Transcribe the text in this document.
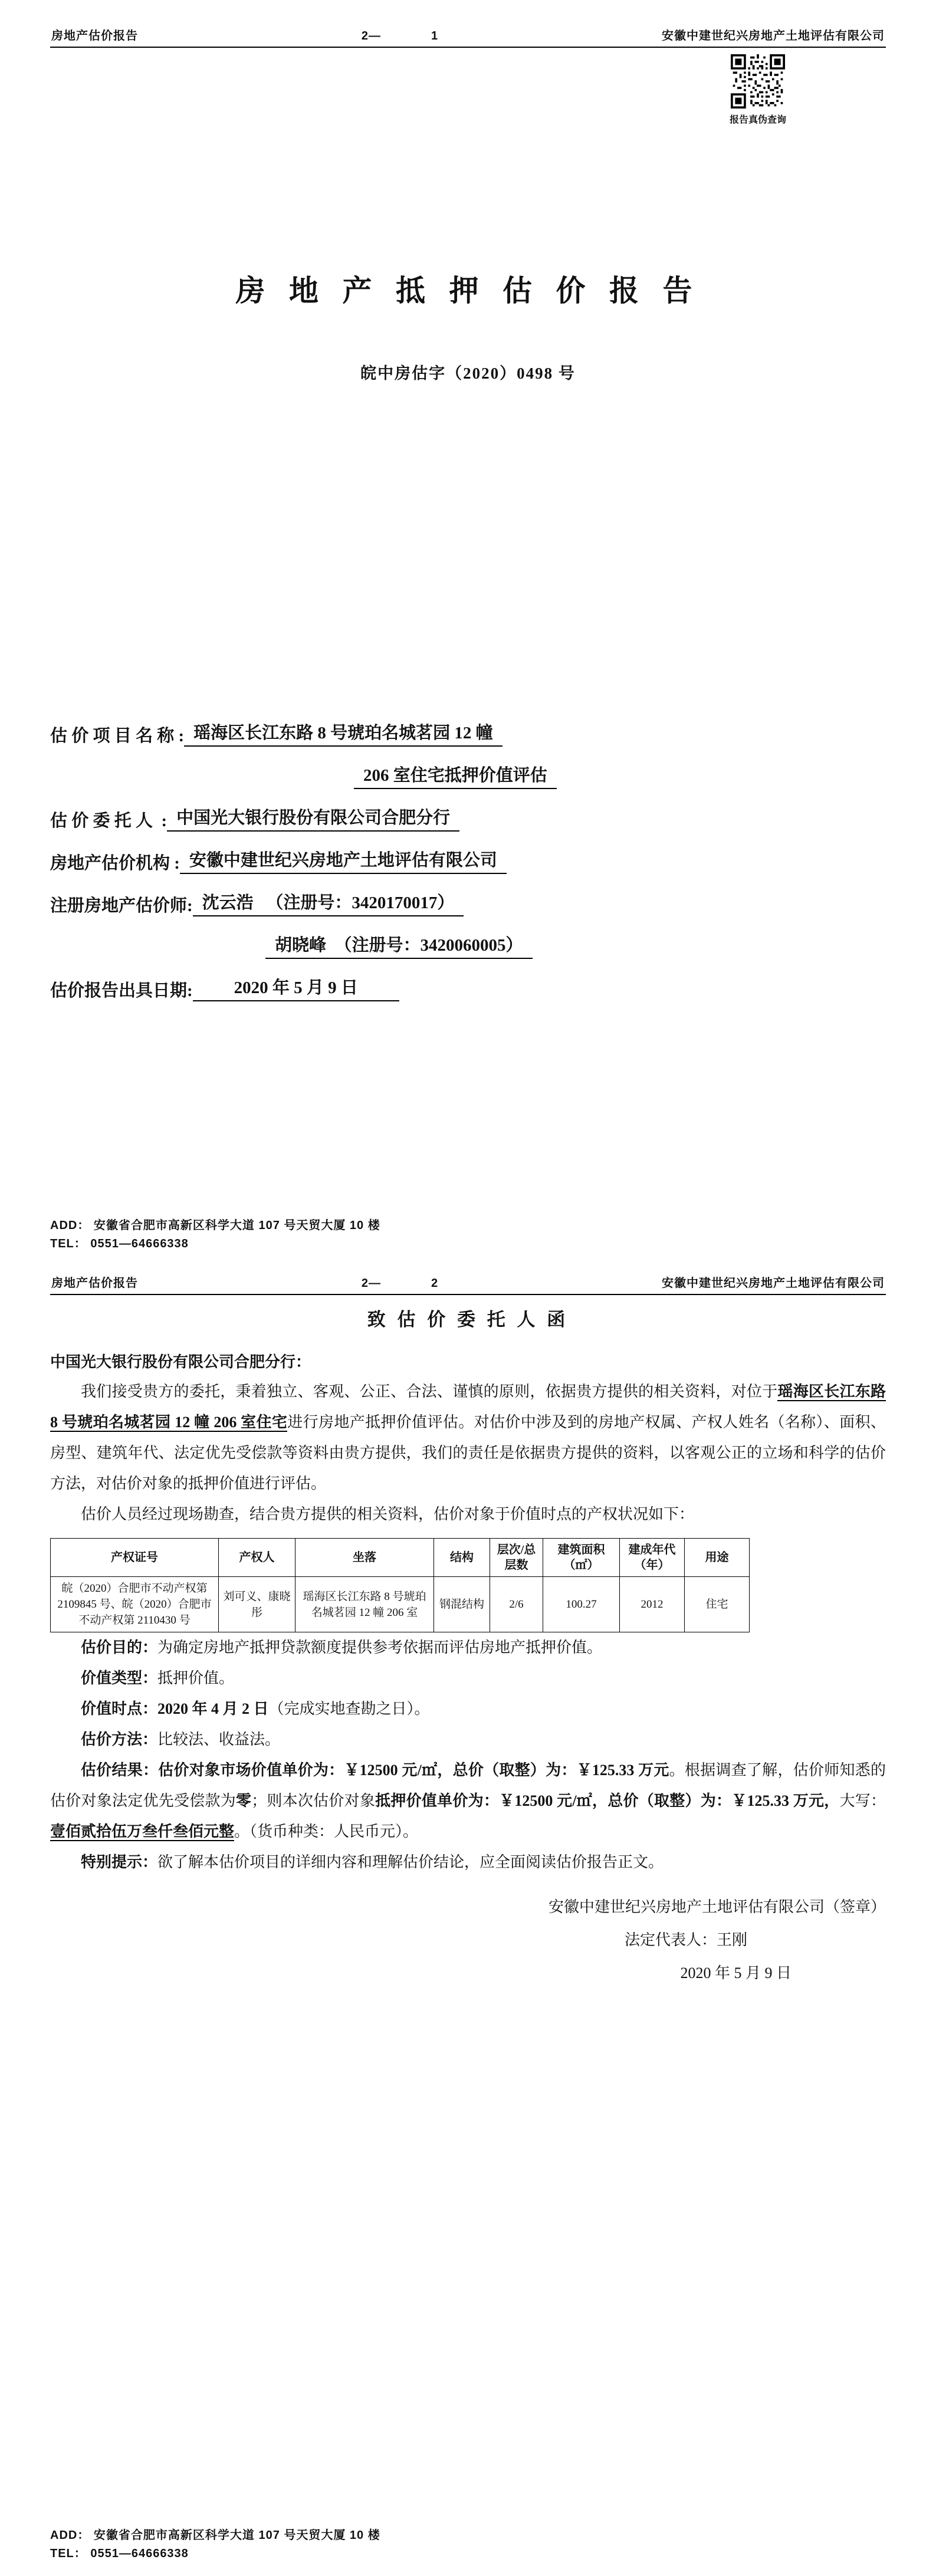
房地产估价报告	2—	1	安徽中建世纪兴房地产土地评估有限公司
报告真伪查询
房 地 产 抵 押 估 价 报 告
皖中房估字（2020）0498 号
估 价 项 目 名 称 : 瑶海区长江东路 8 号琥珀名城茗园 12 幢
206 室住宅抵押价值评估
估 价 委 托 人  : 中国光大银行股份有限公司合肥分行
房地产估价机构 : 安徽中建世纪兴房地产土地评估有限公司
注册房地产估价师: 沈云浩   （注册号：3420170017）
胡晓峰  （注册号：3420060005）
估价报告出具日期:	2020 年 5 月 9 日
ADD： 安徽省合肥市高新区科学大道 107 号天贸大厦 10 楼
TEL： 0551—64666338
房地产估价报告	2—	2	安徽中建世纪兴房地产土地评估有限公司
致 估 价 委 托 人 函

中国光大银行股份有限公司合肥分行：

我们接受贵方的委托，秉着独立、客观、公正、合法、谨慎的原则，依据贵方提供的相关资料，对位于瑶海区长江东路 8 号琥珀名城茗园 12 幢 206 室住宅进行房地产抵押价值评估。对估价中涉及到的房地产权属、产权人姓名（名称）、面积、房型、建筑年代、法定优先受偿款等资料由贵方提供，我们的责任是依据贵方提供的资料，以客观公正的立场和科学的估价方法，对估价对象的抵押价值进行评估。

估价人员经过现场勘查，结合贵方提供的相关资料，估价对象于价值时点的产权状况如下：

产权证号	产权人	坐落	结构	层次/总层数	建筑面积（㎡）	建成年代（年）	用途
皖（2020）合肥市不动产权第 2109845 号、皖（2020）合肥市不动产权第 2110430 号	刘可义、康晓彤	瑶海区长江东路 8 号琥珀名城茗园 12 幢 206 室	钢混结构	2/6	100.27	2012	住宅

估价目的：为确定房地产抵押贷款额度提供参考依据而评估房地产抵押价值。

价值类型：抵押价值。

价值时点：2020 年 4 月 2 日（完成实地查勘之日）。

估价方法：比较法、收益法。

估价结果：估价对象市场价值单价为：￥12500 元/㎡，总价（取整）为：￥125.33 万元。根据调查了解，估价师知悉的估价对象法定优先受偿款为零；则本次估价对象抵押价值单价为：￥12500 元/㎡，总价（取整）为：￥125.33 万元，大写：壹佰贰拾伍万叁仟叁佰元整。（货币种类：人民币元）。

特别提示：欲了解本估价项目的详细内容和理解估价结论，应全面阅读估价报告正文。

安徽中建世纪兴房地产土地评估有限公司（签章）
法定代表人：王刚
2020 年 5 月 9 日
ADD： 安徽省合肥市高新区科学大道 107 号天贸大厦 10 楼
TEL： 0551—64666338
